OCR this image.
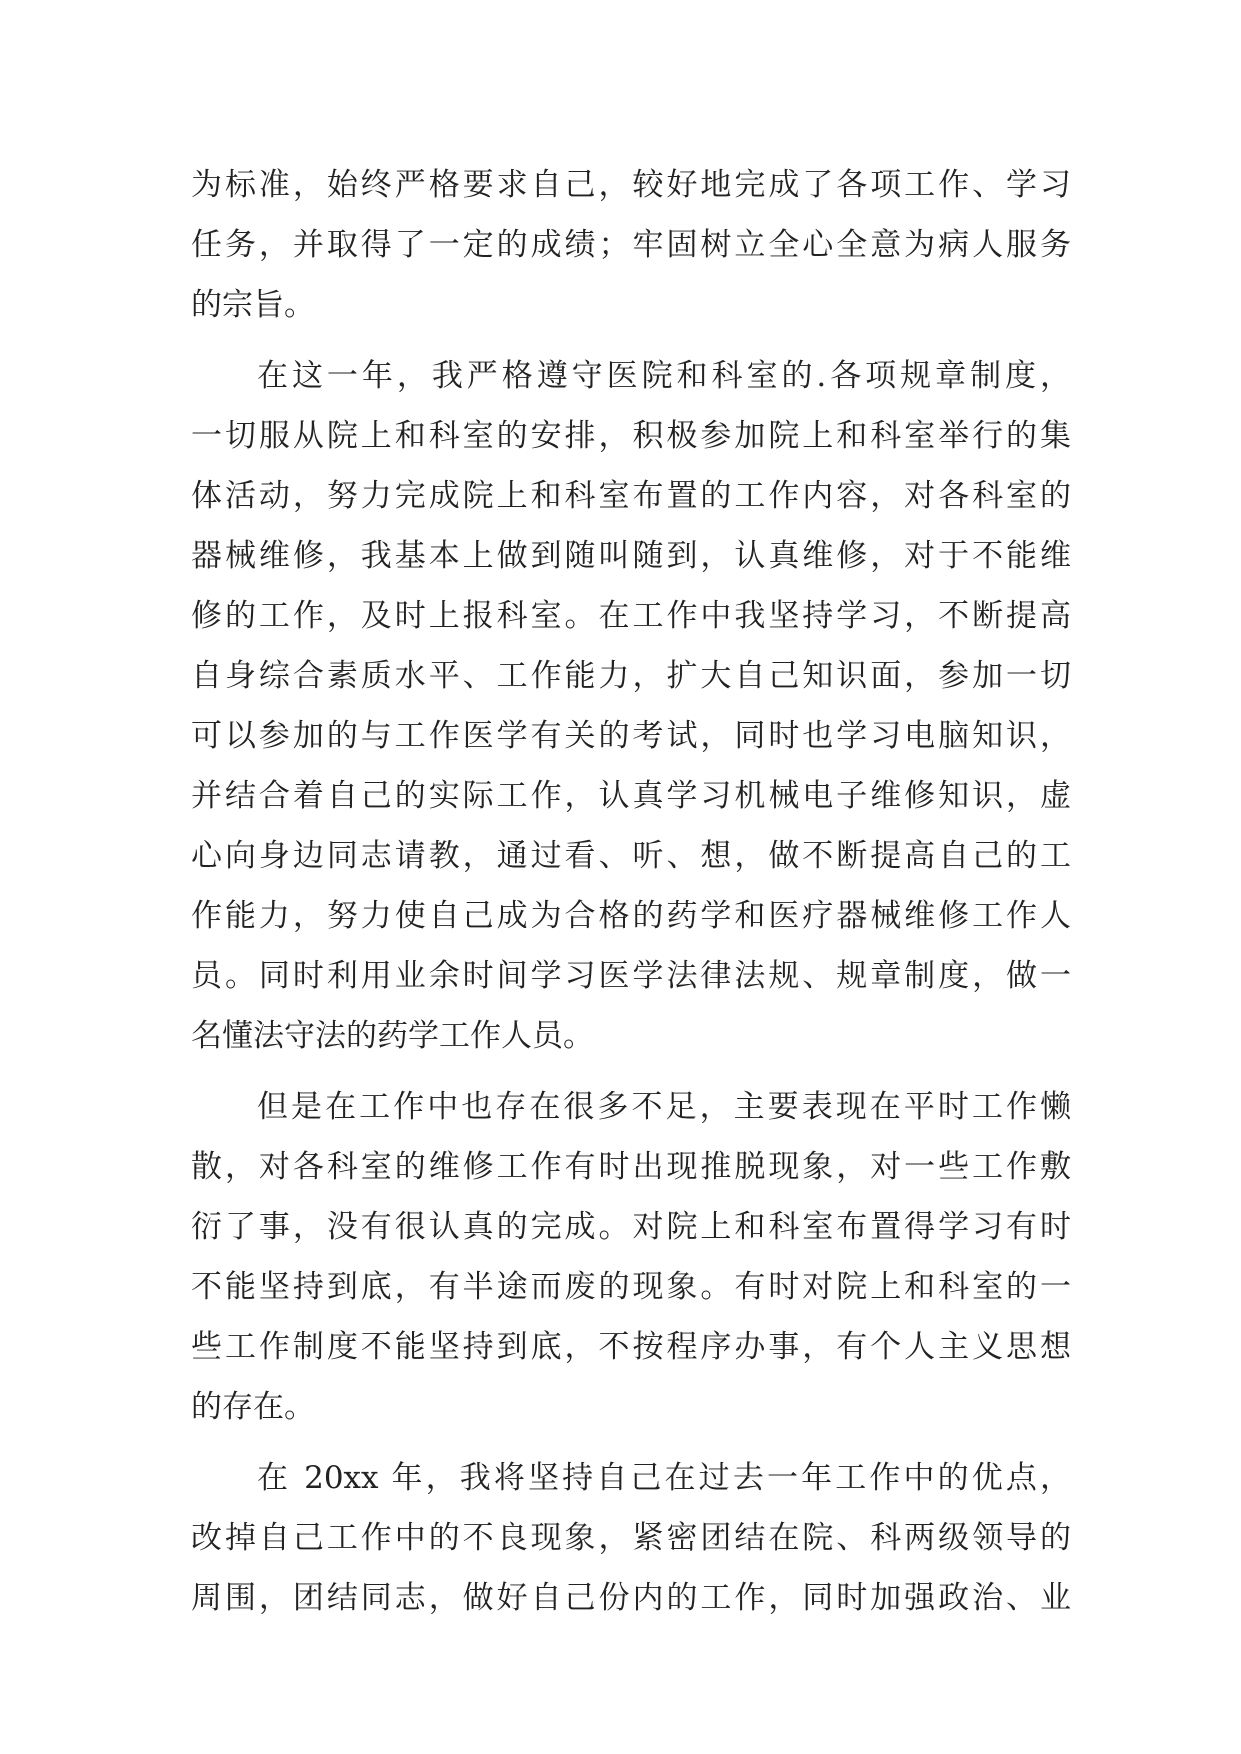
为标准，始终严格要求自己，较好地完成了各项工作、学习

任务，并取得了一定的成绩；牢固树立全心全意为病人服务

的宗旨。

在这一年，我严格遵守医院和科室的.各项规章制度，

一切服从院上和科室的安排，积极参加院上和科室举行的集

体活动，努力完成院上和科室布置的工作内容，对各科室的

器械维修，我基本上做到随叫随到，认真维修，对于不能维

修的工作，及时上报科室。在工作中我坚持学习，不断提高

自身综合素质水平、工作能力，扩大自己知识面，参加一切

可以参加的与工作医学有关的考试，同时也学习电脑知识，

并结合着自己的实际工作，认真学习机械电子维修知识，虚

心向身边同志请教，通过看、听、想，做不断提高自己的工

作能力，努力使自己成为合格的药学和医疗器械维修工作人

员。同时利用业余时间学习医学法律法规、规章制度，做一

名懂法守法的药学工作人员。

但是在工作中也存在很多不足，主要表现在平时工作懒

散，对各科室的维修工作有时出现推脱现象，对一些工作敷

衍了事，没有很认真的完成。对院上和科室布置得学习有时

不能坚持到底，有半途而废的现象。有时对院上和科室的一

些工作制度不能坚持到底，不按程序办事，有个人主义思想

的存在。

在 20xx 年，我将坚持自己在过去一年工作中的优点，

改掉自己工作中的不良现象，紧密团结在院、科两级领导的

周围，团结同志，做好自己份内的工作，同时加强政治、业
